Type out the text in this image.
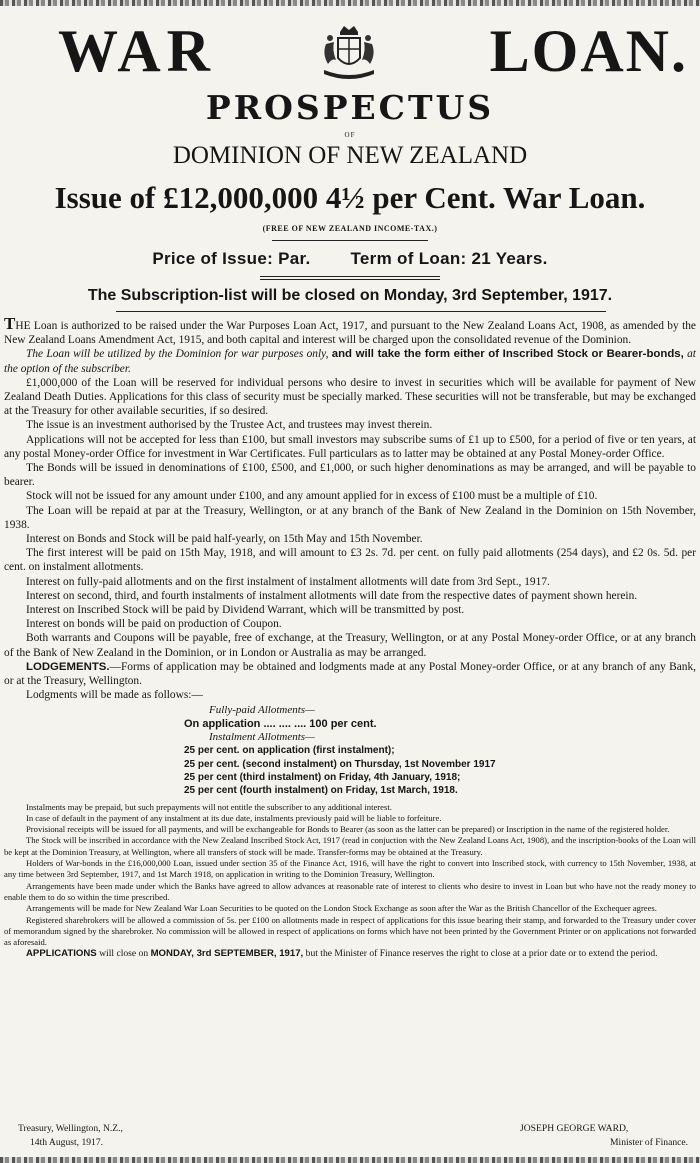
WAR	LOAN.
PROSPECTUS
OF
DOMINION OF NEW ZEALAND
Issue of £12,000,000 4½ per Cent. War Loan.
(FREE OF NEW ZEALAND INCOME-TAX.)
Price of Issue: Par. Term of Loan: 21 Years.
The Subscription-list will be closed on Monday, 3rd September, 1917.

THE Loan is authorized to be raised under the War Purposes Loan Act, 1917, and pursuant to the New Zealand Loans Act, 1908, as amended by the New Zealand Loans Amendment Act, 1915, and both capital and interest will be charged upon the consolidated revenue of the Dominion.

The Loan will be utilized by the Dominion for war purposes only, and will take the form either of Inscribed Stock or Bearer-bonds, at the option of the subscriber.

£1,000,000 of the Loan will be reserved for individual persons who desire to invest in securities which will be available for payment of New Zealand Death Duties. Applications for this class of security must be specially marked. These securities will not be transferable, but may be exchanged at the Treasury for other available securities, if so desired.

The issue is an investment authorised by the Trustee Act, and trustees may invest therein.

Applications will not be accepted for less than £100, but small investors may subscribe sums of £1 up to £500, for a period of five or ten years, at any postal Money-order Office for investment in War Certificates. Full particulars as to latter may be obtained at any Postal Money-order Office.

The Bonds will be issued in denominations of £100, £500, and £1,000, or such higher denominations as may be arranged, and will be payable to bearer.

Stock will not be issued for any amount under £100, and any amount applied for in excess of £100 must be a multiple of £10.

The Loan will be repaid at par at the Treasury, Wellington, or at any branch of the Bank of New Zealand in the Dominion on 15th November, 1938.

Interest on Bonds and Stock will be paid half-yearly, on 15th May and 15th November.

The first interest will be paid on 15th May, 1918, and will amount to £3 2s. 7d. per cent. on fully paid allotments (254 days), and £2 0s. 5d. per cent. on instalment allotments.

Interest on fully-paid allotments and on the first instalment of instalment allotments will date from 3rd Sept., 1917.

Interest on second, third, and fourth instalments of instalment allotments will date from the respective dates of payment shown herein.

Interest on Inscribed Stock will be paid by Dividend Warrant, which will be transmitted by post.

Interest on bonds will be paid on production of Coupon.

Both warrants and Coupons will be payable, free of exchange, at the Treasury, Wellington, or at any Postal Money-order Office, or at any branch of the Bank of New Zealand in the Dominion, or in London or Australia as may be arranged.

LODGEMENTS.—Forms of application may be obtained and lodgments made at any Postal Money-order Office, or at any branch of any Bank, or at the Treasury, Wellington.

Lodgments will be made as follows:—

Fully-paid Allotments—
On application .... .... .... 100 per cent.
Instalment Allotments—
25 per cent. on application (first instalment);
25 per cent. (second instalment) on Thursday, 1st November 1917
25 per cent (third instalment) on Friday, 4th January, 1918;
25 per cent (fourth instalment) on Friday, 1st March, 1918.

Instalments may be prepaid, but such prepayments will not entitle the subscriber to any additional interest.

In case of default in the payment of any instalment at its due date, instalments previously paid will be liable to forfeiture.

Provisional receipts will be issued for all payments, and will be exchangeable for Bonds to Bearer (as soon as the latter can be prepared) or Inscription in the name of the registered holder.

The Stock will be inscribed in accordance with the New Zealand Inscribed Stock Act, 1917 (read in conjuction with the New Zealand Loans Act, 1908), and the inscription-books of the Loan will be kept at the Dominion Treasury, at Wellington, where all transfers of stock will be made. Transfer-forms may be obtained at the Treasury.

Holders of War-bonds in the £16,000,000 Loan, issued under section 35 of the Finance Act, 1916, will have the right to convert into Inscribed stock, with currency to 15th November, 1938, at any time between 3rd September, 1917, and 1st March 1918, on application in writing to the Dominion Treasury, Wellington.

Arrangements have been made under which the Banks have agreed to allow advances at reasonable rate of interest to clients who desire to invest in Loan but who have not the ready money to enable them to do so within the time prescribed.

Arrangements will be made for New Zealand War Loan Securities to be quoted on the London Stock Exchange as soon after the War as the British Chancellor of the Exchequer agrees.

Registered sharebrokers will be allowed a commission of 5s. per £100 on allotments made in respect of applications for this issue bearing their stamp, and forwarded to the Treasury under cover of memorandum signed by the sharebroker. No commission will be allowed in respect of applications on forms which have not been printed by the Government Printer or on applications not forwarded as aforesaid.

APPLICATIONS will close on MONDAY, 3rd SEPTEMBER, 1917, but the Minister of Finance reserves the right to close at a prior date or to extend the period.

Treasury, Wellington, N.Z.,
14th August, 1917.
JOSEPH GEORGE WARD,
Minister of Finance.
